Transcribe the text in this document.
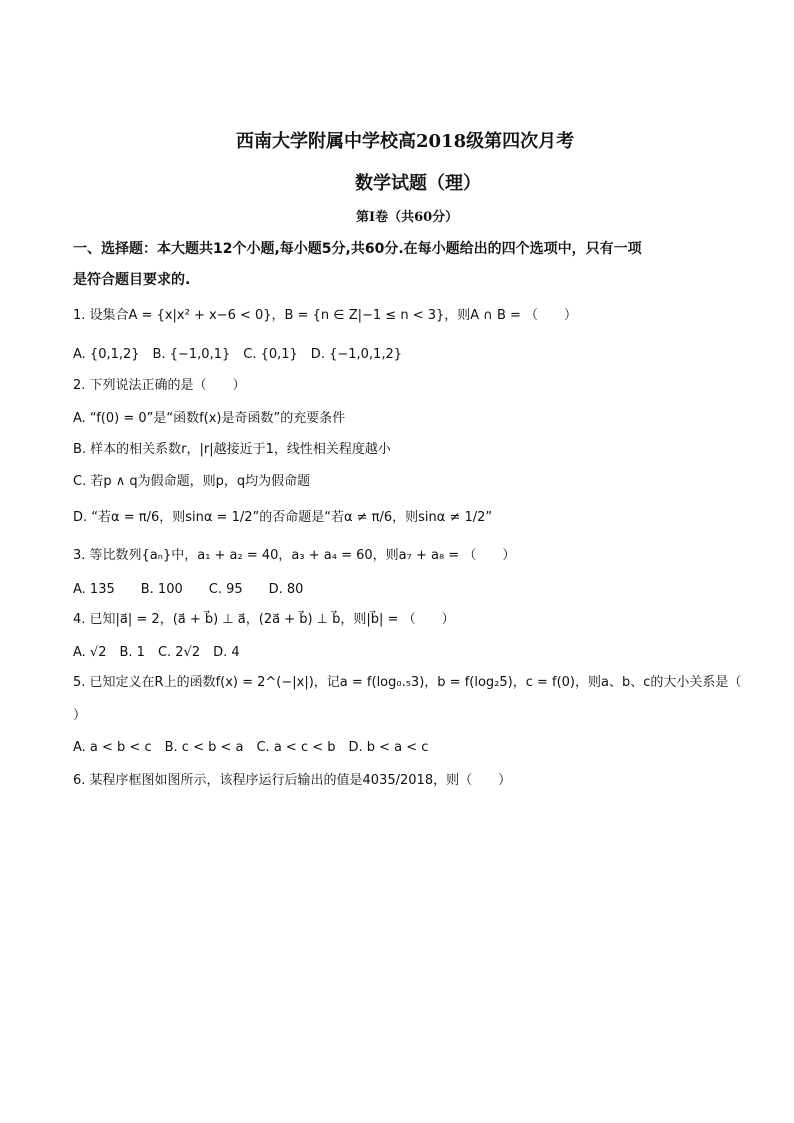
西南大学附属中学校高2018级第四次月考
数学试题（理）
第Ⅰ卷（共60分）
一、选择题：本大题共12个小题,每小题5分,共60分.在每小题给出的四个选项中，只有一项
是符合题目要求的.
1. 设集合A = {x|x² + x−6 < 0}，B = {n ∈ Z|−1 ≤ n < 3}，则A ∩ B = （　　）
A. {0,1,2}　B. {−1,0,1}　C. {0,1}　D. {−1,0,1,2}
2. 下列说法正确的是（　　）
A. “f(0) = 0”是“函数f(x)是奇函数”的充要条件
B. 样本的相关系数r，|r|越接近于1，线性相关程度越小
C. 若p ∧ q为假命题，则p，q均为假命题
D. “若α = π/6，则sinα = 1/2”的否命题是“若α ≠ π/6，则sinα ≠ 1/2”
3. 等比数列{aₙ}中，a₁ + a₂ = 40，a₃ + a₄ = 60，则a₇ + a₈ = （　　）
A. 135　　B. 100　　C. 95　　D. 80
4. 已知|a⃗| = 2，(a⃗ + b⃗) ⊥ a⃗，(2a⃗ + b⃗) ⊥ b⃗，则|b⃗| = （　　）
A. √2　B. 1　C. 2√2　D. 4
5. 已知定义在R上的函数f(x) = 2^(−|x|)，记a = f(log₀.₅3)，b = f(log₂5)，c = f(0)，则a、b、c的大小关系是（
）
A. a < b < c　B. c < b < a　C. a < c < b　D. b < a < c
6. 某程序框图如图所示，该程序运行后输出的值是4035/2018，则（　　）
